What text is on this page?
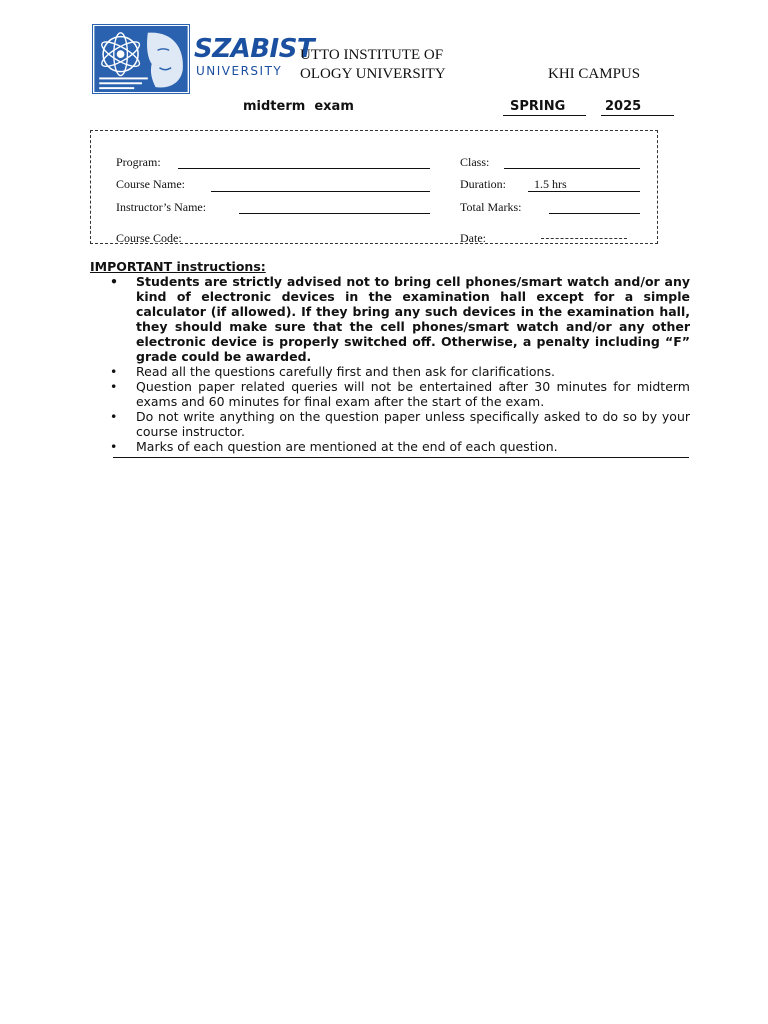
SZABIST
UNIVERSITY
UTTO INSTITUTE OF
OLOGY UNIVERSITY	KHI CAMPUS
midterm  exam	SPRING	2025
Program:	Class:
Course Name:	Duration: 1.5 hrs
Instructor’s Name:	Total Marks:
Course Code:	Date:
IMPORTANT instructions:
•	Students are strictly advised not to bring cell phones/smart watch and/or any kind of electronic devices in the examination hall except for a simple calculator (if allowed). If they bring any such devices in the examination hall, they should make sure that the cell phones/smart watch and/or any other electronic device is properly switched off. Otherwise, a penalty including “F” grade could be awarded.
•	Read all the questions carefully first and then ask for clarifications.
•	Question paper related queries will not be entertained after 30 minutes for midterm exams and 60 minutes for final exam after the start of the exam.
•	Do not write anything on the question paper unless specifically asked to do so by your course instructor.
•	Marks of each question are mentioned at the end of each question.
